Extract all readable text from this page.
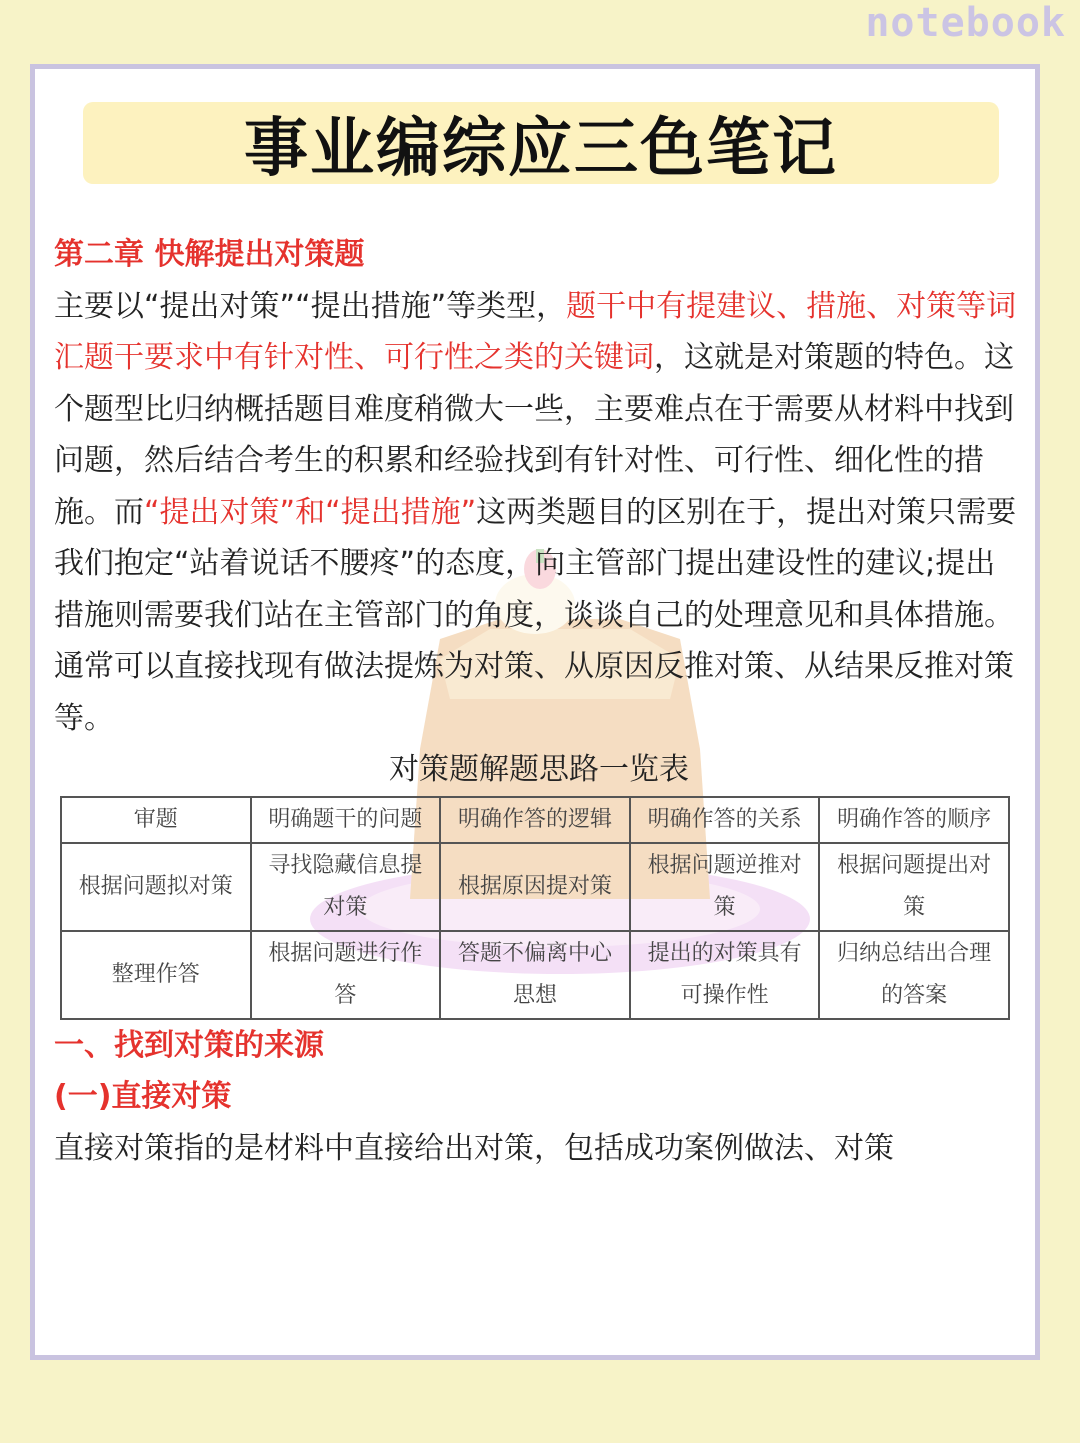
notebook
事业编综应三色笔记

第二章 快解提出对策题

主要以“提出对策”“提出措施”等类型，题干中有提建议、措施、对策等词汇题干要求中有针对性、可行性之类的关键词，这就是对策题的特色。这个题型比归纳概括题目难度稍微大一些，主要难点在于需要从材料中找到问题，然后结合考生的积累和经验找到有针对性、可行性、细化性的措施。而“提出对策”和“提出措施”这两类题目的区别在于，提出对策只需要我们抱定“站着说话不腰疼”的态度，向主管部门提出建设性的建议;提出措施则需要我们站在主管部门的角度，谈谈自己的处理意见和具体措施。

通常可以直接找现有做法提炼为对策、从原因反推对策、从结果反推对策等。

对策题解题思路一览表

审题	明确题干的问题	明确作答的逻辑	明确作答的关系	明确作答的顺序
根据问题拟对策	寻找隐藏信息提对策	根据原因提对策	根据问题逆推对策	根据问题提出对策
整理作答	根据问题进行作答	答题不偏离中心思想	提出的对策具有可操作性	归纳总结出合理的答案

一、找到对策的来源

(一)直接对策

直接对策指的是材料中直接给出对策，包括成功案例做法、对策
